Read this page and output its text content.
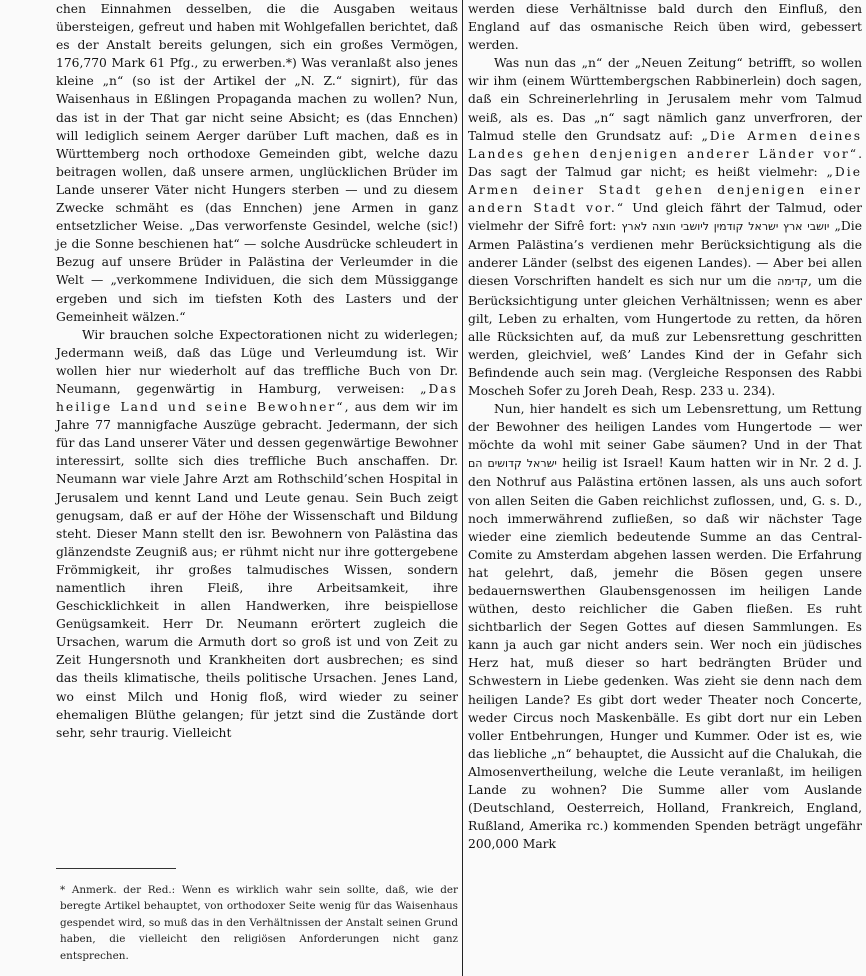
chen Einnahmen desselben, die die Ausgaben weitaus übersteigen, gefreut und haben mit Wohlgefallen berichtet, daß es der Anstalt bereits gelungen, sich ein großes Vermögen, 176,770 Mark 61 Pfg., zu erwerben.*) Was veranlaßt also jenes kleine „n“ (so ist der Artikel der „N. Z.“ signirt), für das Waisenhaus in Eßlingen Propaganda machen zu wollen? Nun, das ist in der That gar nicht seine Absicht; es (das Ennchen) will lediglich seinem Aerger darüber Luft machen, daß es in Württemberg noch orthodoxe Gemeinden gibt, welche dazu beitragen wollen, daß unsere armen, unglücklichen Brüder im Lande unserer Väter nicht Hungers sterben — und zu diesem Zwecke schmäht es (das Ennchen) jene Armen in ganz entsetzlicher Weise. „Das verworfenste Gesindel, welche (sic!) je die Sonne beschienen hat“ — solche Ausdrücke schleudert in Bezug auf unsere Brüder in Palästina der Verleumder in die Welt — „verkommene Individuen, die sich dem Müssiggange ergeben und sich im tiefsten Koth des Lasters und der Gemeinheit wälzen.“

Wir brauchen solche Expectorationen nicht zu widerlegen; Jedermann weiß, daß das Lüge und Verleumdung ist. Wir wollen hier nur wiederholt auf das treffliche Buch von Dr. Neumann, gegenwärtig in Hamburg, verweisen: „Das heilige Land und seine Bewohner“, aus dem wir im Jahre 77 mannigfache Auszüge gebracht. Jedermann, der sich für das Land unserer Väter und dessen gegenwärtige Bewohner interessirt, sollte sich dies treffliche Buch anschaffen. Dr. Neumann war viele Jahre Arzt am Rothschild’schen Hospital in Jerusalem und kennt Land und Leute genau. Sein Buch zeigt genugsam, daß er auf der Höhe der Wissenschaft und Bildung steht. Dieser Mann stellt den isr. Bewohnern von Palästina das glänzendste Zeugniß aus; er rühmt nicht nur ihre gottergebene Frömmigkeit, ihr großes talmudisches Wissen, sondern namentlich ihren Fleiß, ihre Arbeitsamkeit, ihre Geschicklichkeit in allen Handwerken, ihre beispiellose Genügsamkeit. Herr Dr. Neumann erörtert zugleich die Ursachen, warum die Armuth dort so groß ist und von Zeit zu Zeit Hungersnoth und Krankheiten dort ausbrechen; es sind das theils klimatische, theils politische Ursachen. Jenes Land, wo einst Milch und Honig floß, wird wieder zu seiner ehemaligen Blüthe gelangen; für jetzt sind die Zustände dort sehr, sehr traurig. Vielleicht

werden diese Verhältnisse bald durch den Einfluß, den England auf das osmanische Reich üben wird, gebessert werden.

Was nun das „n“ der „Neuen Zeitung“ betrifft, so wollen wir ihm (einem Württembergschen Rabbinerlein) doch sagen, daß ein Schreinerlehrling in Jerusalem mehr vom Talmud weiß, als es. Das „n“ sagt nämlich ganz unverfroren, der Talmud stelle den Grundsatz auf: „Die Armen deines Landes gehen denjenigen anderer Länder vor“. Das sagt der Talmud gar nicht; es heißt vielmehr: „Die Armen deiner Stadt gehen denjenigen einer andern Stadt vor.“ Und gleich fährt der Talmud, oder vielmehr der Sifrê fort: יושבי ארץ ישראל קודמין ליושבי חוצה לארץ „Die Armen Palästina’s verdienen mehr Berücksichtigung als die anderer Länder (selbst des eigenen Landes). — Aber bei allen diesen Vorschriften handelt es sich nur um die קדימה, um die Berücksichtigung unter gleichen Verhältnissen; wenn es aber gilt, Leben zu erhalten, vom Hungertode zu retten, da hören alle Rücksichten auf, da muß zur Lebensrettung geschritten werden, gleichviel, weß’ Landes Kind der in Gefahr sich Befindende auch sein mag. (Vergleiche Responsen des Rabbi Moscheh Sofer zu Joreh Deah, Resp. 233 u. 234).

Nun, hier handelt es sich um Lebensrettung, um Rettung der Bewohner des heiligen Landes vom Hungertode — wer möchte da wohl mit seiner Gabe säumen? Und in der That ישראל קדושים הם heilig ist Israel! Kaum hatten wir in Nr. 2 d. J. den Nothruf aus Palästina ertönen lassen, als uns auch sofort von allen Seiten die Gaben reichlichst zuflossen, und, G. s. D., noch immerwährend zufließen, so daß wir nächster Tage wieder eine ziemlich bedeutende Summe an das Central-Comite zu Amsterdam abgehen lassen werden. Die Erfahrung hat gelehrt, daß, jemehr die Bösen gegen unsere bedauernswerthen Glaubensgenossen im heiligen Lande wüthen, desto reichlicher die Gaben fließen. Es ruht sichtbarlich der Segen Gottes auf diesen Sammlungen. Es kann ja auch gar nicht anders sein. Wer noch ein jüdisches Herz hat, muß dieser so hart bedrängten Brüder und Schwestern in Liebe gedenken. Was zieht sie denn nach dem heiligen Lande? Es gibt dort weder Theater noch Concerte, weder Circus noch Maskenbälle. Es gibt dort nur ein Leben voller Entbehrungen, Hunger und Kummer. Oder ist es, wie das liebliche „n“ behauptet, die Aussicht auf die Chalukah, die Almosenvertheilung, welche die Leute veranlaßt, im heiligen Lande zu wohnen? Die Summe aller vom Auslande (Deutschland, Oesterreich, Holland, Frankreich, England, Rußland, Amerika rc.) kommenden Spenden beträgt ungefähr 200,000 Mark

* Anmerk. der Red.: Wenn es wirklich wahr sein sollte, daß, wie der beregte Artikel behauptet, von orthodoxer Seite wenig für das Waisenhaus gespendet wird, so muß das in den Verhältnissen der Anstalt seinen Grund haben, die vielleicht den religiösen Anforderungen nicht ganz entsprechen.
